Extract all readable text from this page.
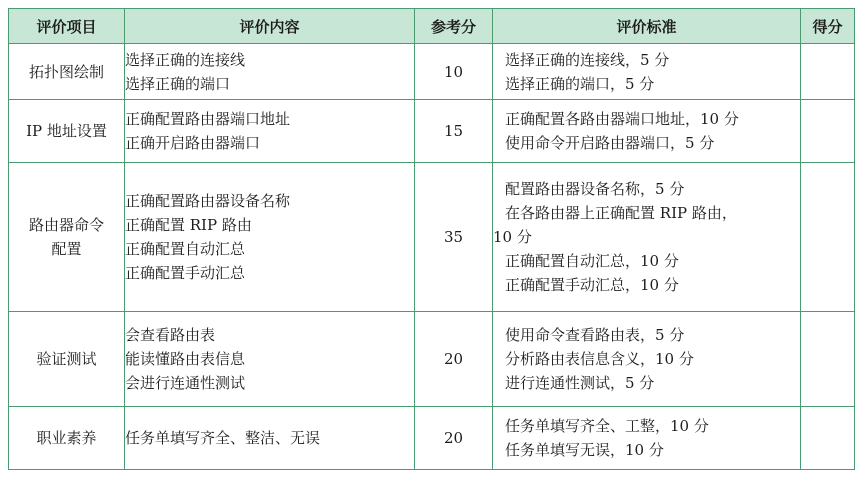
评价项目	评价内容	参考分	评价标准	得分

拓扑图绘制	选择正确的连接线
选择正确的端口	10	选择正确的连接线，5 分
选择正确的端口，5 分	

IP 地址设置	正确配置路由器端口地址
正确开启路由器端口	15	正确配置各路由器端口地址，10 分
使用命令开启路由器端口，5 分	

路由器命令
配置	正确配置路由器设备名称
正确配置 RIP 路由
正确配置自动汇总
正确配置手动汇总	35	配置路由器设备名称，5 分
在各路由器上正确配置 RIP 路由，
10 分
正确配置自动汇总，10 分
正确配置手动汇总，10 分	

验证测试	会查看路由表
能读懂路由表信息
会进行连通性测试	20	使用命令查看路由表，5 分
分析路由表信息含义，10 分
进行连通性测试，5 分	

职业素养	任务单填写齐全、整洁、无误	20	任务单填写齐全、工整，10 分
任务单填写无误，10 分	
